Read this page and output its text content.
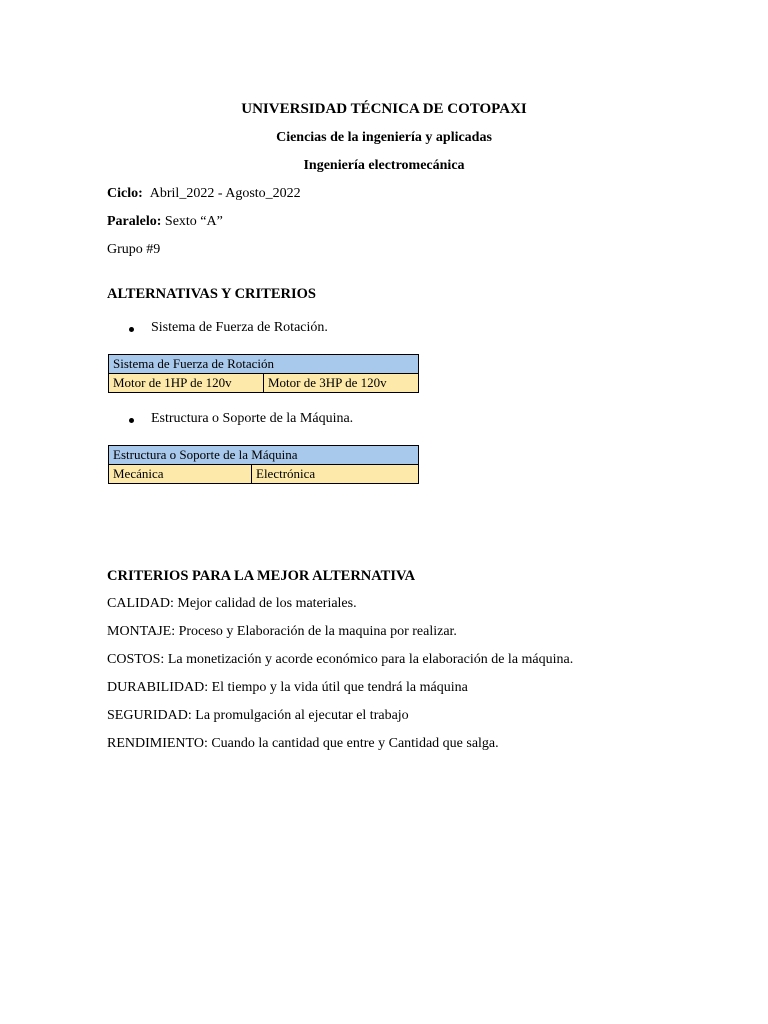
UNIVERSIDAD TÉCNICA DE COTOPAXI
Ciencias de la ingeniería y aplicadas
Ingeniería electromecánica
Ciclo: Abril_2022 - Agosto_2022
Paralelo: Sexto “A”
Grupo #9
ALTERNATIVAS Y CRITERIOS
Sistema de Fuerza de Rotación.
Sistema de Fuerza de Rotación
Motor de 1HP de 120v	Motor de 3HP de 120v
Estructura o Soporte de la Máquina.
Estructura o Soporte de la Máquina
Mecánica	Electrónica
CRITERIOS PARA LA MEJOR ALTERNATIVA
CALIDAD: Mejor calidad de los materiales.
MONTAJE: Proceso y Elaboración de la maquina por realizar.
COSTOS: La monetización y acorde económico para la elaboración de la máquina.
DURABILIDAD: El tiempo y la vida útil que tendrá la máquina
SEGURIDAD: La promulgación al ejecutar el trabajo
RENDIMIENTO: Cuando la cantidad que entre y Cantidad que salga.
